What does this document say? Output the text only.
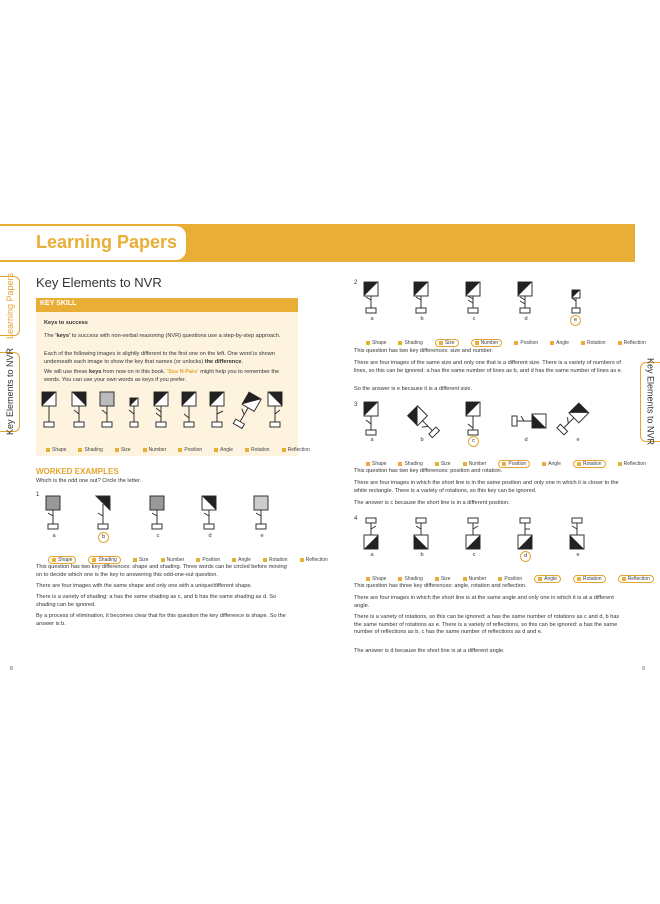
Learning Papers
Learning Papers
Key Elements to NVR	Key Elements to NVR
Key Elements to NVR
KEY SKILL
Keys to success
The 'keys' to success with non-verbal reasoning (NVR) questions use a step-by-step approach.
Each of the following images is slightly different to the first one on the left. One word is shown underneath each image to show the key that names (or unlocks) the difference.
We will use these keys from now on in this book. 'Sss N Pars' might help you to remember the words. You can use your own words as keys if you prefer.
Shape	Shading	Size	Number	Position	Angle	Rotation	Reflection
WORKED EXAMPLES
Which is the odd one out? Circle the letter.
1
a	b	c	d	e
Shape	Shading	Size	Number	Position	Angle	Rotation	Reflection
This question has two key differences: shape and shading. Three words can be circled before moving on to decide which one is the key to answering this odd-one-out question.
There are four images with the same shape and only one with a unique/different shape.
There is a variety of shading: a has the same shading as c, and b has the same shading as d. So shading can be ignored.
By a process of elimination, it becomes clear that for this question the key difference is shape. So the answer is b.
8
2
a	b	c	d	e
Shape	Shading	Size	Number	Position	Angle	Rotation	Reflection
This question has two key differences: size and number.
There are four images of the same size and only one that is a different size. There is a variety of numbers of lines, so this can be ignored: a has the same number of lines as b, and d has the same number of lines as e.
So the answer is e because it is a different size.
3
a	b	c	d	e
Shape	Shading	Size	Number	Position	Angle	Rotation	Reflection
This question has two key differences: position and rotation.
There are four images in which the short line is in the same position and only one in which it is closer to the white rectangle. There is a variety of rotations, so this key can be ignored.
The answer is c because the short line is in a different position.
4
a	b	c	d	e
Shape	Shading	Size	Number	Position	Angle	Rotation	Reflection
This question has three key differences: angle, rotation and reflection.
There are four images in which the short line is at the same angle and only one in which it is at a different angle.
There is a variety of rotations, so this can be ignored: a has the same number of rotations as c and d, b has the same number of rotations as e. There is a variety of reflections, so this can be ignored: a has the same number of reflections as b, c has the same number of reflections as d and e.
The answer is d because the short line is at a different angle.
9
